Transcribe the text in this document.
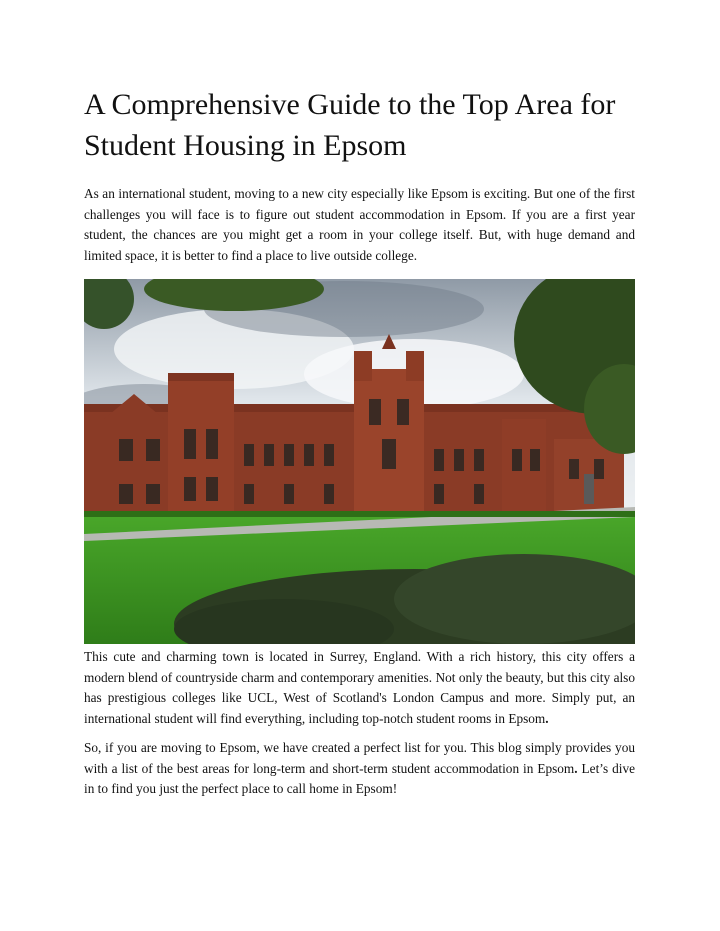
A Comprehensive Guide to the Top Area for
Student Housing in Epsom

As an international student, moving to a new city especially like Epsom is exciting. But one of the first challenges you will face is to figure out student accommodation in Epsom. If you are a first year student, the chances are you might get a room in your college itself. But, with huge demand and limited space, it is better to find a place to live outside college.

This cute and charming town is located in Surrey, England. With a rich history, this city offers a modern blend of countryside charm and contemporary amenities. Not only the beauty, but this city also has prestigious colleges like UCL, West of Scotland's London Campus and more. Simply put, an international student will find everything, including top-notch student rooms in Epsom.

So, if you are moving to Epsom, we have created a perfect list for you. This blog simply provides you with a list of the best areas for long-term and short-term student accommodation in Epsom. Let’s dive in to find you just the perfect place to call home in Epsom!
